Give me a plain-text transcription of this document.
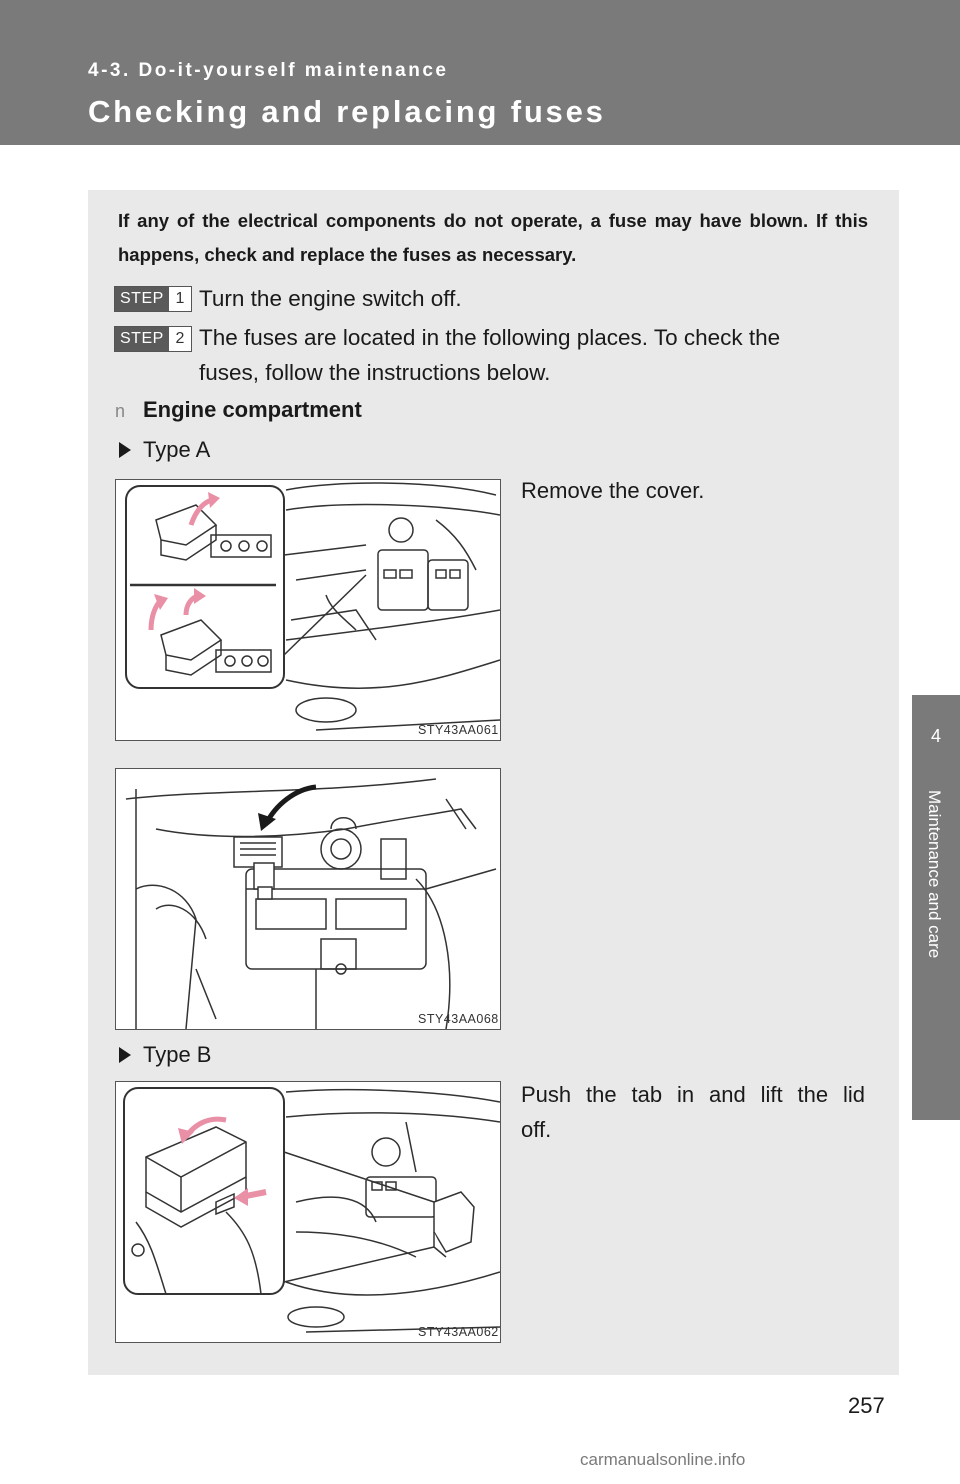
4-3. Do-it-yourself maintenance
Checking and replacing fuses
4
Maintenance and care
If any of the electrical components do not operate, a fuse may have blown. If this happens, check and replace the fuses as necessary.
STEP 1 Turn the engine switch off.
STEP 2 The fuses are located in the following places. To check the
fuses, follow the instructions below.
n Engine compartment
Type A
Remove the cover.
STY43AA061
STY43AA068
Type B
Push the tab in and lift the lid
off.
STY43AA062
257
carmanualsonline.info
